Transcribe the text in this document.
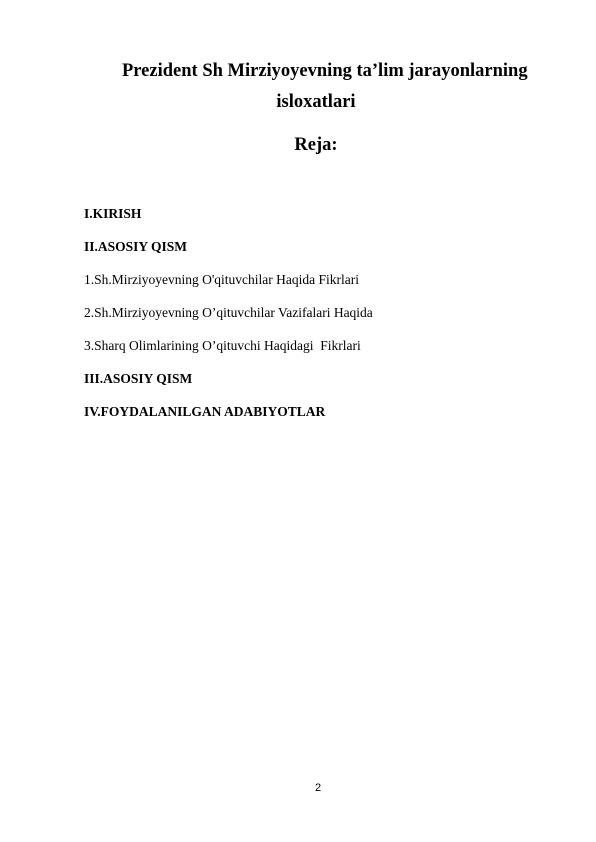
Prezident Sh Mirziyoyevning ta’lim jarayonlarning
isloxatlari
Reja:
I.KIRISH
II.ASOSIY QISM
1.Sh.Mirziyoyevning O'qituvchilar Haqida Fikrlari
2.Sh.Mirziyoyevning O’qituvchilar Vazifalari Haqida
3.Sharq Olimlarining O’qituvchi Haqidagi  Fikrlari
III.ASOSIY QISM
IV.FOYDALANILGAN ADABIYOTLAR
2
